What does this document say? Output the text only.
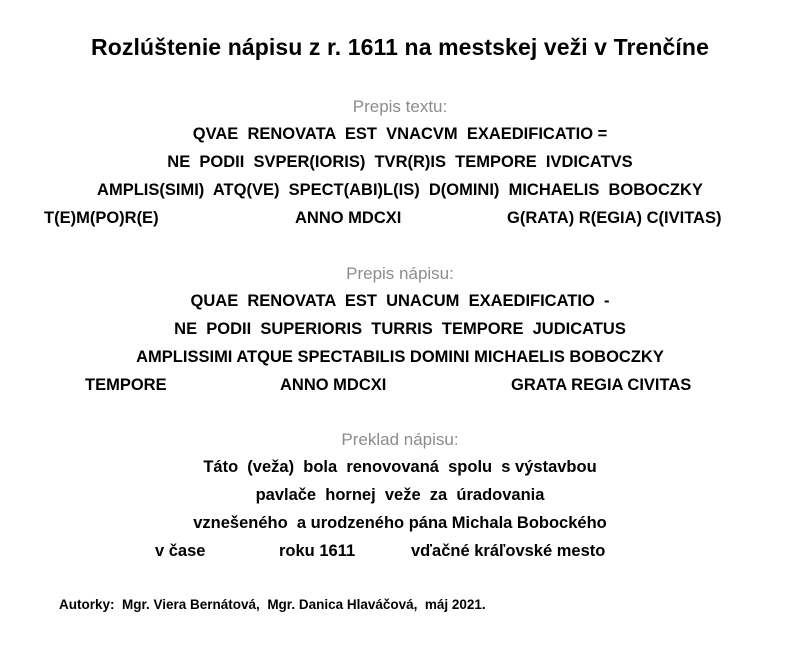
Rozlúštenie nápisu z r. 1611 na mestskej veži v Trenčíne
Prepis textu:
QVAE  RENOVATA  EST  VNACVM  EXAEDIFICATIO =
NE  PODII  SVPER(IORIS)  TVR(R)IS  TEMPORE  IVDICATVS
AMPLIS(SIMI)  ATQ(VE)  SPECT(ABI)L(IS)  D(OMINI)  MICHAELIS  BOBOCZKY
T(E)M(PO)R(E)	ANNO MDCXI	G(RATA) R(EGIA) C(IVITAS)
Prepis nápisu:
QUAE  RENOVATA  EST  UNACUM  EXAEDIFICATIO  -
NE  PODII  SUPERIORIS  TURRIS  TEMPORE  JUDICATUS
AMPLISSIMI ATQUE SPECTABILIS DOMINI MICHAELIS BOBOCZKY
TEMPORE	ANNO MDCXI	GRATA REGIA CIVITAS
Preklad nápisu:
Táto  (veža)  bola  renovovaná  spolu  s výstavbou
pavlače  hornej  veže  za  úradovania
vznešeného  a urodzeného pána Michala Bobockého
v čase	roku 1611	vďačné kráľovské mesto
Autorky:  Mgr. Viera Bernátová,  Mgr. Danica Hlaváčová,  máj 2021.
